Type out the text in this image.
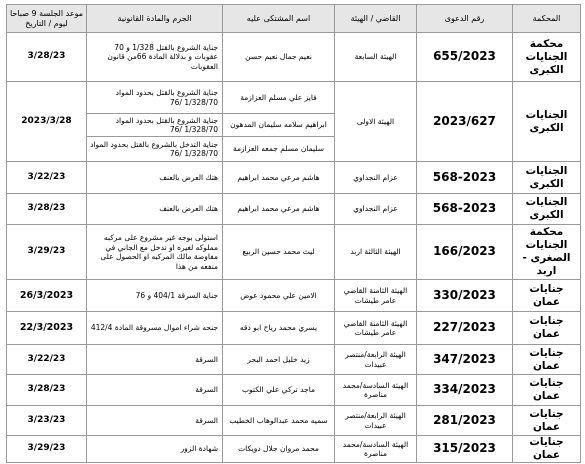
المحكمة	رقم الدعوى	القاضي / الهيئة	اسم المشتكى عليه	الجرم والمادة القانونية	موعد الجلسة 9 صباحا
ليوم / التاريخ

محكمة الجنايات الكبرى	655/2023	الهيئة السابعة	نعيم جمال نعيم حسن	جناية الشروع بالقتل 1/328 و 70 عقوبات و بدلالة المادة 66من قانون العقوبات	3/28/23
الجنايات الكبرى	2023/627	الهيئة الاولى	فايز علي مسلم العزازمة	جناية الشروع بالقتل بحدود المواد 1/328/70 /76	2023/3/28
			ابراهيم سلامه سليمان المدهون	جناية الشروع بالقتل بحدود المواد 1/328/70 /76	
			سليمان مسلم جمعه العزازمة	جناية التدخل بالشروع بالقتل بحدود المواد 1/328/70 /76	
الجنايات الكبرى	568-2023	عزام النجداوي	هاشم مرعي محمد ابراهيم	هتك العرض بالعنف	3/22/23
الجنايات الكبرى	568-2023	عزام النجداوي	هاشم مرعي محمد ابراهيم	هتك العرض بالعنف	3/28/23
محكمة الجنايات الصغرى - اربد	166/2023	الهيئة الثالثة اربد	ليث محمد حسين الربيع	استولى بوجه غير مشروع على مركبه مملوكه لغيره او تدخل مع الجاني في مفاوضة مالك المركبه او الحصول على منفعه من هذا	3/29/23
جنايات عمان	330/2023	الهيئة الثامنة القاضي عامر طيشات	الامين علي محمود عوض	جناية السرقة 404/1 و 76	26/3/2023
جنايات عمان	227/2023	الهيئة الثامنة القاضي عامر طيشات	يسري محمد رياح ابو دقه	جنحه شراء اموال مسروقة المادة 412/4	22/3/2023
جنايات عمان	347/2023	الهيئة الرابعة/منتصر عبيدات	زيد خليل احمد البحر	السرقة	3/22/23
جنايات عمان	334/2023	الهيئة السادسة/محمد مناصرة	ماجد تركي علي الكتوب	السرقة	3/28/23
جنايات عمان	281/2023	الهيئة الرابعة/منتصر عبيدات	سميه محمد عبدالوهاب الخطيب	السرقة	3/23/23
جنايات عمان	315/2023	الهيئة السادسة/محمد مناصرة	محمد مروان جلال دويكات	شهادة الزور	3/29/23
